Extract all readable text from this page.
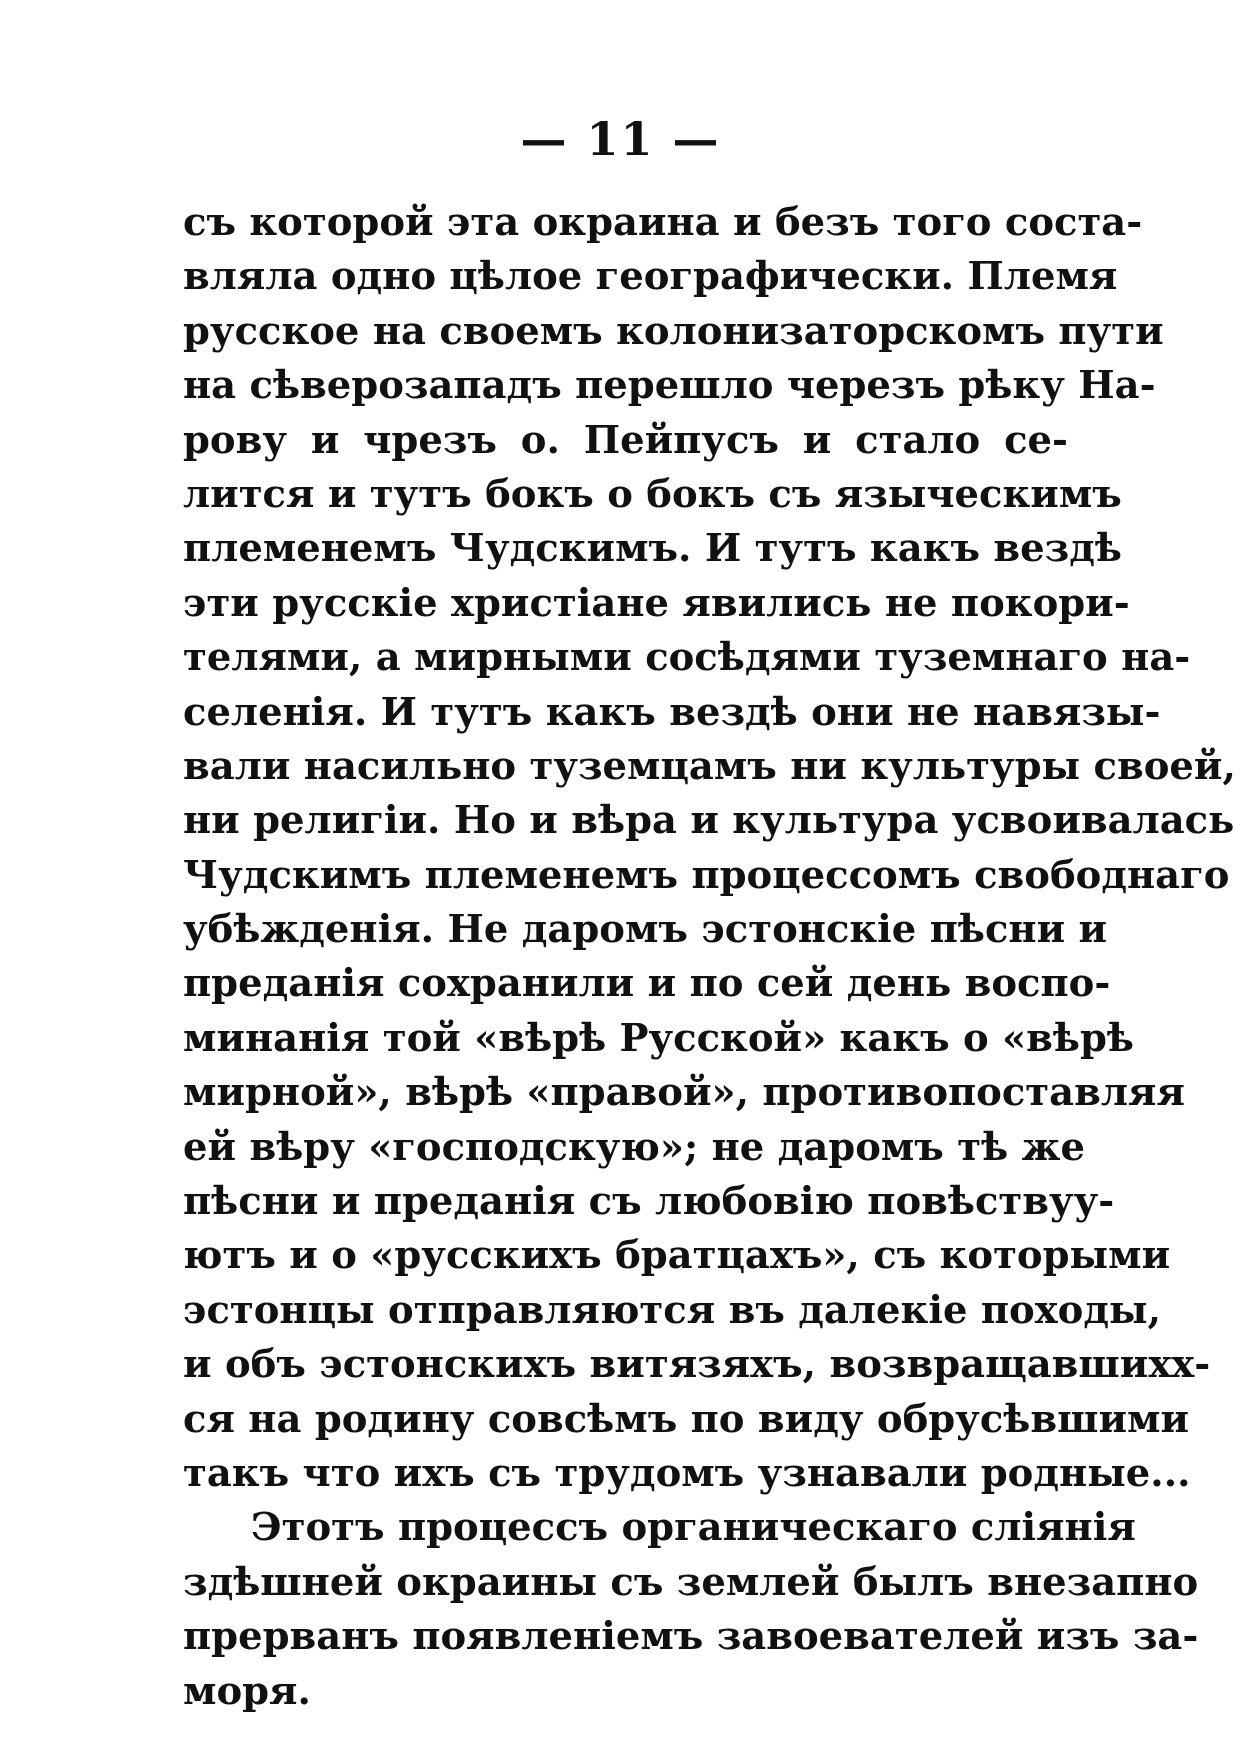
— 11 —
съ которой эта окраина и безъ того соста-
вляла одно цѣлое географически. Племя
русское на своемъ колонизаторскомъ пути
на сѣверозападъ перешло черезъ рѣку На-
рову и чрезъ о. Пейпусъ и стало се-
лится и тутъ бокъ о бокъ съ языческимъ
племенемъ Чудскимъ. И тутъ какъ вездѣ
эти русскіе христіане явились не покори-
телями, а мирными сосѣдями туземнаго на-
селенія. И тутъ какъ вездѣ они не навязы-
вали насильно туземцамъ ни культуры своей,
ни религіи. Но и вѣра и культура усвоивалась
Чудскимъ племенемъ процессомъ свободнаго
убѣжденія. Не даромъ эстонскіе пѣсни и
преданія сохранили и по сей день воспо-
минанія той «вѣрѣ Русской» какъ о «вѣрѣ
мирной», вѣрѣ «правой», противопоставляя
ей вѣру «господскую»; не даромъ тѣ же
пѣсни и преданія съ любовію повѣствуу-
ютъ и о «русскихъ братцахъ», съ которыми
эстонцы отправляются въ далекіе походы,
и объ эстонскихъ витязяхъ, возвращавшихх-
ся на родину совсѣмъ по виду обрусѣвшими
такъ что ихъ съ трудомъ узнавали родные...
Этотъ процессъ органическаго сліянія
здѣшней окраины съ землей былъ внезапно
прерванъ появленіемъ завоевателей изъ за-
моря.
